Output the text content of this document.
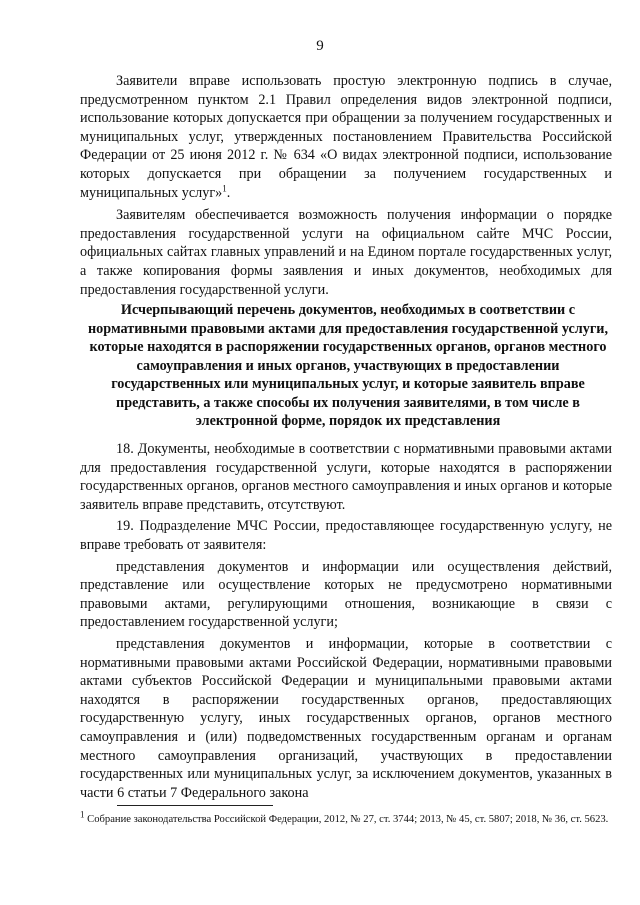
9

Заявители вправе использовать простую электронную подпись в случае, предусмотренном пунктом 2.1 Правил определения видов электронной подписи, использование которых допускается при обращении за получением государственных и муниципальных услуг, утвержденных постановлением Правительства Российской Федерации от 25 июня 2012 г. № 634 «О видах электронной подписи, использование которых допускается при обращении за получением государственных и муниципальных услуг»$^1$.

Заявителям обеспечивается возможность получения информации о порядке предоставления государственной услуги на официальном сайте МЧС России, официальных сайтах главных управлений и на Едином портале государственных услуг, а также копирования формы заявления и иных документов, необходимых для предоставления государственной услуги.

Исчерпывающий перечень документов, необходимых в соответствии с нормативными правовыми актами для предоставления государственной услуги, которые находятся в распоряжении государственных органов, органов местного самоуправления и иных органов, участвующих в предоставлении государственных или муниципальных услуг, и которые заявитель вправе представить, а также способы их получения заявителями, в том числе в электронной форме, порядок их представления

18. Документы, необходимые в соответствии с нормативными правовыми актами для предоставления государственной услуги, которые находятся в распоряжении государственных органов, органов местного самоуправления и иных органов и которые заявитель вправе представить, отсутствуют.

19. Подразделение МЧС России, предоставляющее государственную услугу, не вправе требовать от заявителя:

представления документов и информации или осуществления действий, представление или осуществление которых не предусмотрено нормативными правовыми актами, регулирующими отношения, возникающие в связи с предоставлением государственной услуги;

представления документов и информации, которые в соответствии с нормативными правовыми актами Российской Федерации, нормативными правовыми актами субъектов Российской Федерации и муниципальными правовыми актами находятся в распоряжении государственных органов, предоставляющих государственную услугу, иных государственных органов, органов местного самоуправления и (или) подведомственных государственным органам и органам местного самоуправления организаций, участвующих в предоставлении государственных или муниципальных услуг, за исключением документов, указанных в части 6 статьи 7 Федерального закона

$^1$ Собрание законодательства Российской Федерации, 2012, № 27, ст. 3744; 2013, № 45, ст. 5807; 2018, № 36, ст. 5623.
